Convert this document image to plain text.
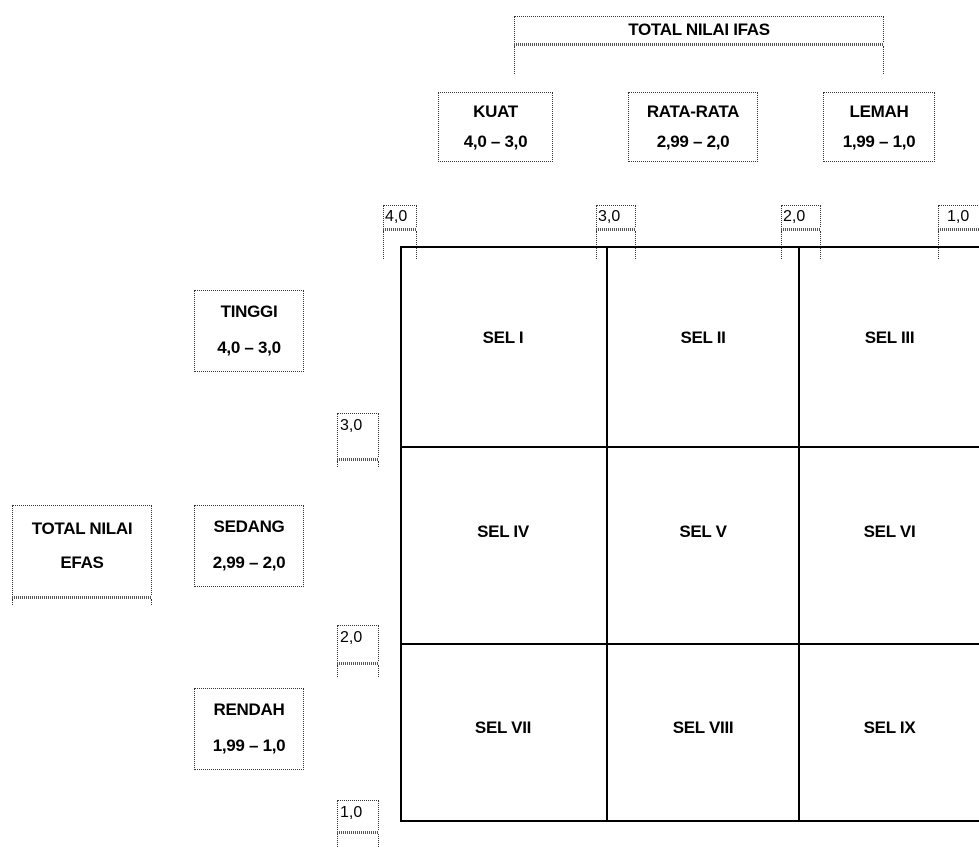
TOTAL NILAI IFAS
KUAT
4,0 – 3,0
RATA-RATA
2,99 – 2,0
LEMAH
1,99 – 1,0
4,0	3,0	2,0	1,0
TOTAL NILAI
EFAS
TINGGI
4,0 – 3,0
SEDANG
2,99 – 2,0
RENDAH
1,99 – 1,0
3,0
2,0
1,0
SEL I	SEL II	SEL III
SEL IV	SEL V	SEL VI
SEL VII	SEL VIII	SEL IX
